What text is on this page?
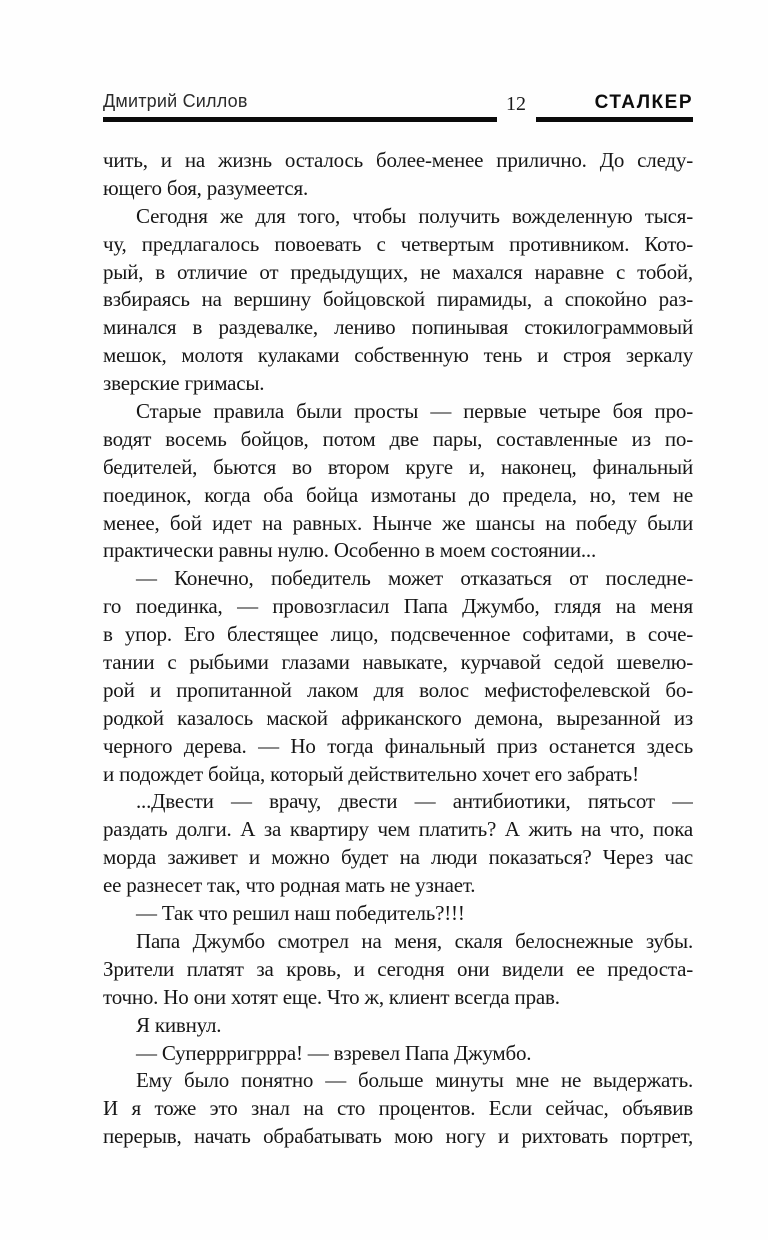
Дмитрий Силлов	12	СТАЛКЕР
чить, и на жизнь осталось более-менее прилично. До следу-
ющего боя, разумеется.
Сегодня же для того, чтобы получить вожделенную тыся-
чу, предлагалось повоевать с четвертым противником. Кото-
рый, в отличие от предыдущих, не махался наравне с тобой,
взбираясь на вершину бойцовской пирамиды, а спокойно раз-
минался в раздевалке, лениво попинывая стокилограммовый
мешок, молотя кулаками собственную тень и строя зеркалу
зверские гримасы.
Старые правила были просты — первые четыре боя про-
водят восемь бойцов, потом две пары, составленные из по-
бедителей, бьются во втором круге и, наконец, финальный
поединок, когда оба бойца измотаны до предела, но, тем не
менее, бой идет на равных. Нынче же шансы на победу были
практически равны нулю. Особенно в моем состоянии...
— Конечно, победитель может отказаться от последне-
го поединка, — провозгласил Папа Джумбо, глядя на меня
в упор. Его блестящее лицо, подсвеченное софитами, в соче-
тании с рыбьими глазами навыкате, курчавой седой шевелю-
рой и пропитанной лаком для волос мефистофелевской бо-
родкой казалось маской африканского демона, вырезанной из
черного дерева. — Но тогда финальный приз останется здесь
и подождет бойца, который действительно хочет его забрать!
...Двести — врачу, двести — антибиотики, пятьсот —
раздать долги. А за квартиру чем платить? А жить на что, пока
морда заживет и можно будет на люди показаться? Через час
ее разнесет так, что родная мать не узнает.
— Так что решил наш победитель?!!!
Папа Джумбо смотрел на меня, скаля белоснежные зубы.
Зрители платят за кровь, и сегодня они видели ее предоста-
точно. Но они хотят еще. Что ж, клиент всегда прав.
Я кивнул.
— Суперрригррра! — взревел Папа Джумбо.
Ему было понятно — больше минуты мне не выдержать.
И я тоже это знал на сто процентов. Если сейчас, объявив
перерыв, начать обрабатывать мою ногу и рихтовать портрет,
